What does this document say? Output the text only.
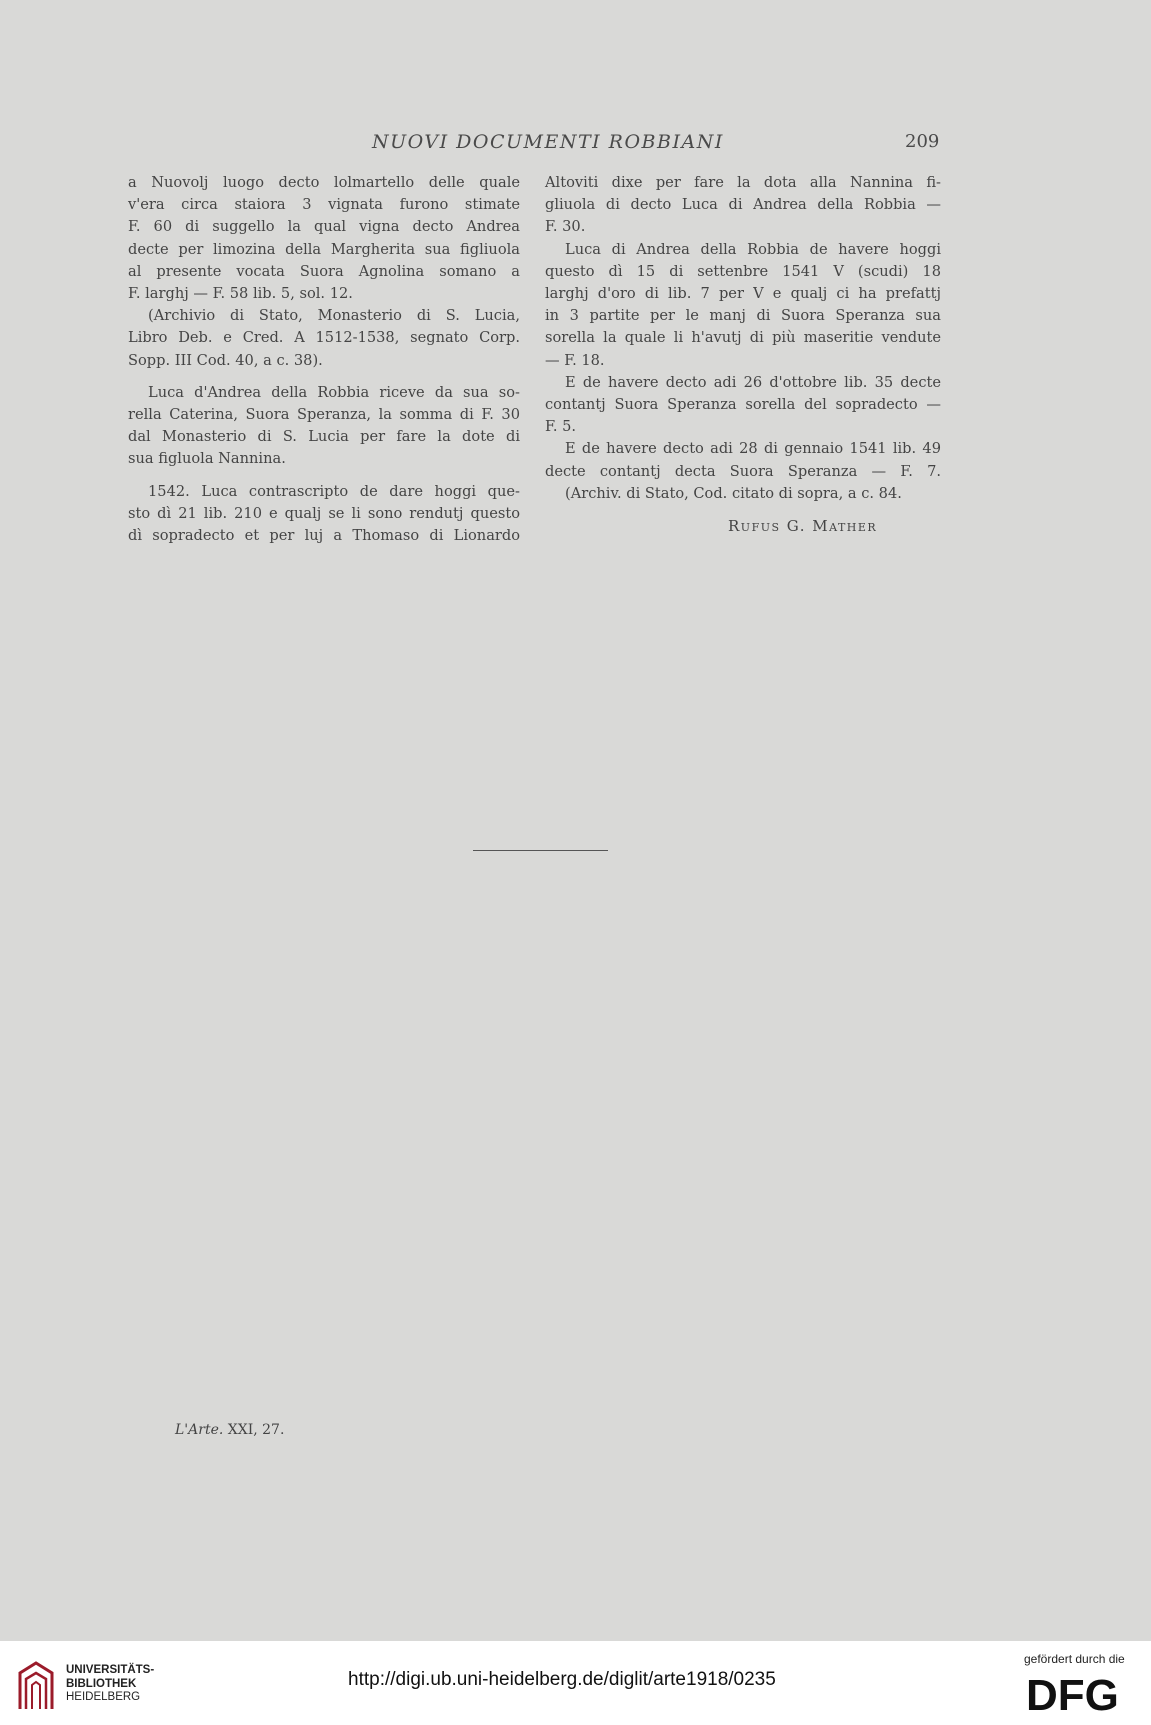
NUOVI DOCUMENTI ROBBIANI	209

a Nuovolj luogo decto lolmartello delle quale
v'era circa staiora 3 vignata furono stimate
F. 60 di suggello la qual vigna decto Andrea
decte per limozina della Margherita sua figliuola
al presente vocata Suora Agnolina somano a
F. larghj — F. 58 lib. 5, sol. 12.

(Archivio di Stato, Monasterio di S. Lucia,
Libro Deb. e Cred. A 1512-1538, segnato Corp.
Sopp. III Cod. 40, a c. 38).

Luca d'Andrea della Robbia riceve da sua so-
rella Caterina, Suora Speranza, la somma di F. 30
dal Monasterio di S. Lucia per fare la dote di
sua figluola Nannina.

1542. Luca contrascripto de dare hoggi que-
sto dì 21 lib. 210 e qualj se li sono rendutj questo
dì sopradecto et per luj a Thomaso di Lionardo

Altoviti dixe per fare la dota alla Nannina fi-
gliuola di decto Luca di Andrea della Robbia —
F. 30.

Luca di Andrea della Robbia de havere hoggi
questo dì 15 di settenbre 1541 V (scudi) 18
larghj d'oro di lib. 7 per V e qualj ci ha prefattj
in 3 partite per le manj di Suora Speranza sua
sorella la quale li h'avutj di più maseritie vendute
— F. 18.

E de havere decto adi 26 d'ottobre lib. 35 decte
contantj Suora Speranza sorella del sopradecto —
F. 5.

E de havere decto adi 28 di gennaio 1541 lib. 49
decte contantj decta Suora Speranza — F. 7.

(Archiv. di Stato, Cod. citato di sopra, a c. 84.

Rufus G. Mather
L'Arte. XXI, 27.
UNIVERSITÄTS-
BIBLIOTHEK
HEIDELBERG
http://digi.ub.uni-heidelberg.de/diglit/arte1918/0235
gefördert durch die
DFG
